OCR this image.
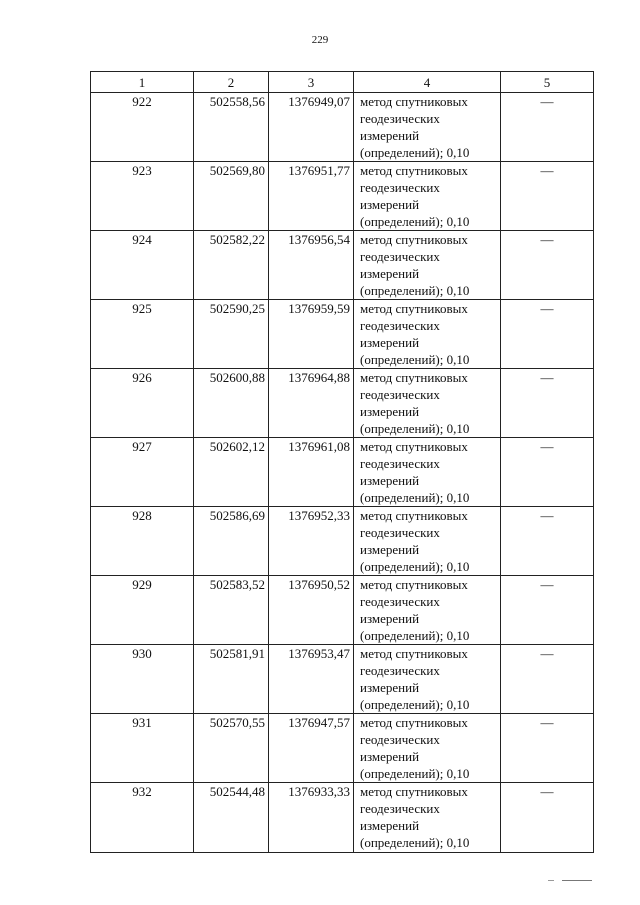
229
1	2	3	4	5
922	502558,56	1376949,07	метод спутниковых геодезических измерений (определений); 0,10	—
923	502569,80	1376951,77	метод спутниковых геодезических измерений (определений); 0,10	—
924	502582,22	1376956,54	метод спутниковых геодезических измерений (определений); 0,10	—
925	502590,25	1376959,59	метод спутниковых геодезических измерений (определений); 0,10	—
926	502600,88	1376964,88	метод спутниковых геодезических измерений (определений); 0,10	—
927	502602,12	1376961,08	метод спутниковых геодезических измерений (определений); 0,10	—
928	502586,69	1376952,33	метод спутниковых геодезических измерений (определений); 0,10	—
929	502583,52	1376950,52	метод спутниковых геодезических измерений (определений); 0,10	—
930	502581,91	1376953,47	метод спутниковых геодезических измерений (определений); 0,10	—
931	502570,55	1376947,57	метод спутниковых геодезических измерений (определений); 0,10	—
932	502544,48	1376933,33	метод спутниковых геодезических измерений (определений); 0,10	—
